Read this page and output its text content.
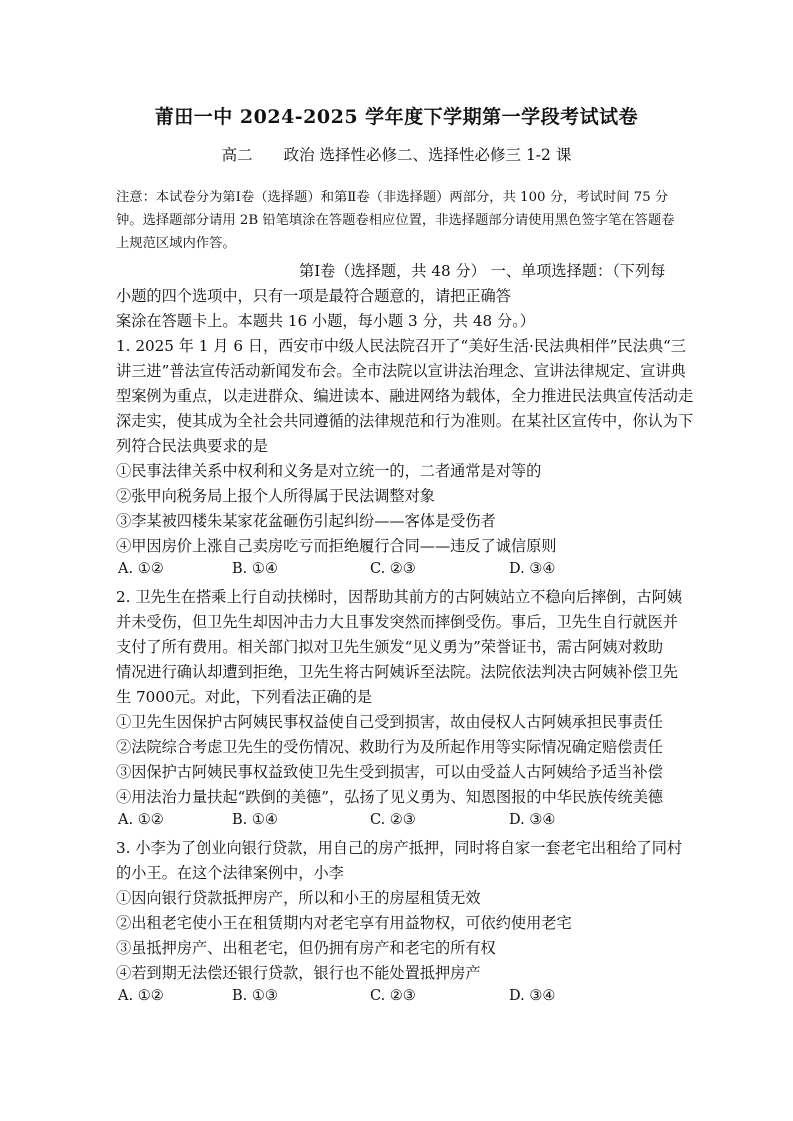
莆田一中 2024-2025 学年度下学期第一学段考试试卷
高二 政治 选择性必修二、选择性必修三 1-2 课
注意：本试卷分为第Ⅰ卷（选择题）和第Ⅱ卷（非选择题）两部分，共 100 分，考试时间 75 分钟。选择题部分请用 2B 铅笔填涂在答题卷相应位置，非选择题部分请使用黑色签字笔在答题卷上规范区域内作答。
第Ⅰ卷（选择题，共 48 分） 一、单项选择题：（下列每
小题的四个选项中，只有一项是最符合题意的，请把正确答
案涂在答题卡上。本题共 16 小题，每小题 3 分，共 48 分。）
1. 2025 年 1 月 6 日，西安市中级人民法院召开了“美好生活·民法典相伴”民法典“三
讲三进”普法宣传活动新闻发布会。全市法院以宣讲法治理念、宣讲法律规定、宣讲典
型案例为重点，以走进群众、编进读本、融进网络为载体，全力推进民法典宣传活动走
深走实，使其成为全社会共同遵循的法律规范和行为准则。在某社区宣传中，你认为下
列符合民法典要求的是
①民事法律关系中权利和义务是对立统一的，二者通常是对等的
②张甲向税务局上报个人所得属于民法调整对象
③李某被四楼朱某家花盆砸伤引起纠纷——客体是受伤者
④甲因房价上涨自己卖房吃亏而拒绝履行合同——违反了诚信原则
A. ①②	B. ①④	C. ②③	D. ③④
2. 卫先生在搭乘上行自动扶梯时，因帮助其前方的古阿姨站立不稳向后摔倒，古阿姨
并未受伤，但卫先生却因冲击力大且事发突然而摔倒受伤。事后，卫先生自行就医并
支付了所有费用。相关部门拟对卫先生颁发“见义勇为”荣誉证书，需古阿姨对救助
情况进行确认却遭到拒绝，卫先生将古阿姨诉至法院。法院依法判决古阿姨补偿卫先
生 7000元。对此，下列看法正确的是
①卫先生因保护古阿姨民事权益使自己受到损害，故由侵权人古阿姨承担民事责任
②法院综合考虑卫先生的受伤情况、救助行为及所起作用等实际情况确定赔偿责任
③因保护古阿姨民事权益致使卫先生受到损害，可以由受益人古阿姨给予适当补偿
④用法治力量扶起“跌倒的美德”，弘扬了见义勇为、知恩图报的中华民族传统美德
A. ①②	B. ①④	C. ②③	D. ③④
3. 小李为了创业向银行贷款，用自己的房产抵押，同时将自家一套老宅出租给了同村
的小王。在这个法律案例中，小李
①因向银行贷款抵押房产，所以和小王的房屋租赁无效
②出租老宅使小王在租赁期内对老宅享有用益物权，可依约使用老宅
③虽抵押房产、出租老宅，但仍拥有房产和老宅的所有权
④若到期无法偿还银行贷款，银行也不能处置抵押房产
A. ①②	B. ①③	C. ②③	D. ③④
